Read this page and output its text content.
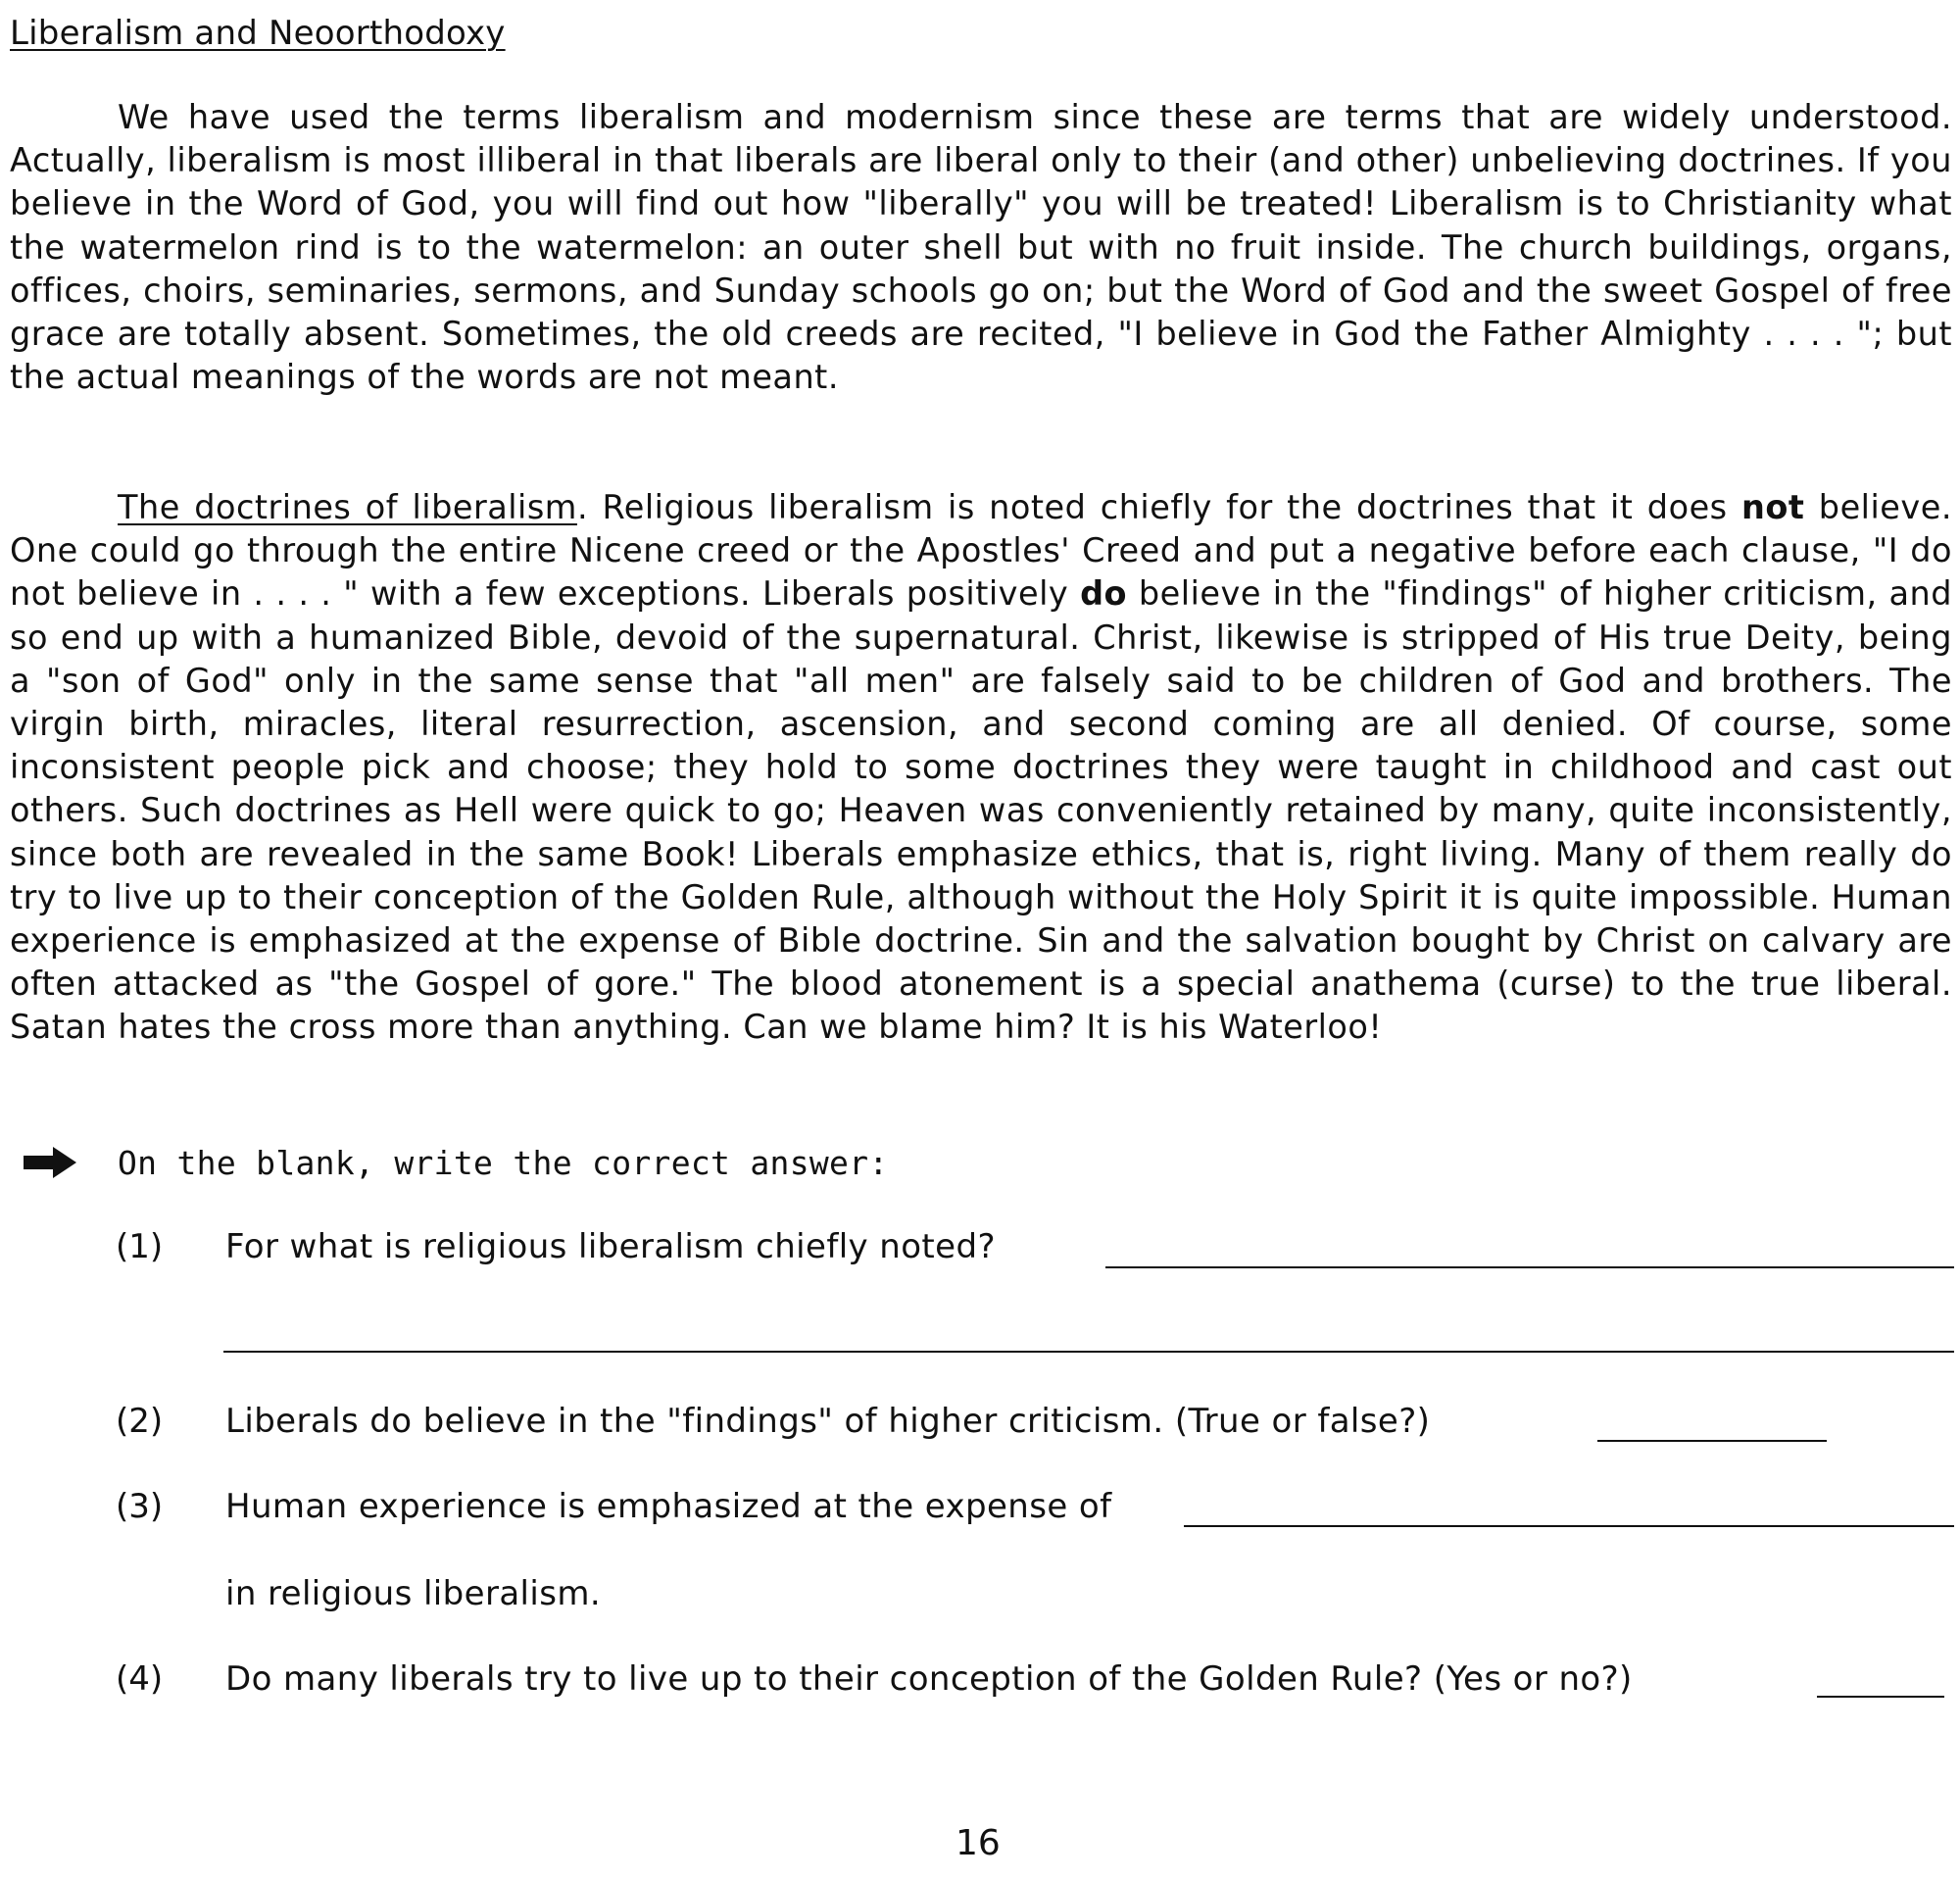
Liberalism and Neoorthodoxy

We have used the terms liberalism and modernism since these are terms that are widely understood. Actually, liberalism is most illiberal in that liberals are liberal only to their (and other) unbelieving doctrines. If you believe in the Word of God, you will find out how "liberally" you will be treated! Liberalism is to Christianity what the watermelon rind is to the watermelon: an outer shell but with no fruit inside. The church buildings, organs, offices, choirs, seminaries, sermons, and Sunday schools go on; but the Word of God and the sweet Gospel of free grace are totally absent. Sometimes, the old creeds are recited, "I believe in God the Father Almighty . . . . "; but the actual meanings of the words are not meant.

The doctrines of liberalism. Religious liberalism is noted chiefly for the doctrines that it does not believe. One could go through the entire Nicene creed or the Apostles' Creed and put a negative before each clause, "I do not believe in . . . . " with a few exceptions. Liberals positively do believe in the "findings" of higher criticism, and so end up with a humanized Bible, devoid of the supernatural. Christ, likewise is stripped of His true Deity, being a "son of God" only in the same sense that "all men" are falsely said to be children of God and brothers. The virgin birth, miracles, literal resurrection, ascension, and second coming are all denied. Of course, some inconsistent people pick and choose; they hold to some doctrines they were taught in childhood and cast out others. Such doctrines as Hell were quick to go; Heaven was conveniently retained by many, quite inconsistently, since both are revealed in the same Book! Liberals emphasize ethics, that is, right living. Many of them really do try to live up to their conception of the Golden Rule, although without the Holy Spirit it is quite impossible. Human experience is emphasized at the expense of Bible doctrine. Sin and the salvation bought by Christ on calvary are often attacked as "the Gospel of gore." The blood atonement is a special anathema (curse) to the true liberal. Satan hates the cross more than anything. Can we blame him? It is his Waterloo!

On the blank, write the correct answer:
(1) For what is religious liberalism chiefly noted?
(2) Liberals do believe in the "findings" of higher criticism. (True or false?)
(3) Human experience is emphasized at the expense of
in religious liberalism.
(4) Do many liberals try to live up to their conception of the Golden Rule? (Yes or no?)
16
